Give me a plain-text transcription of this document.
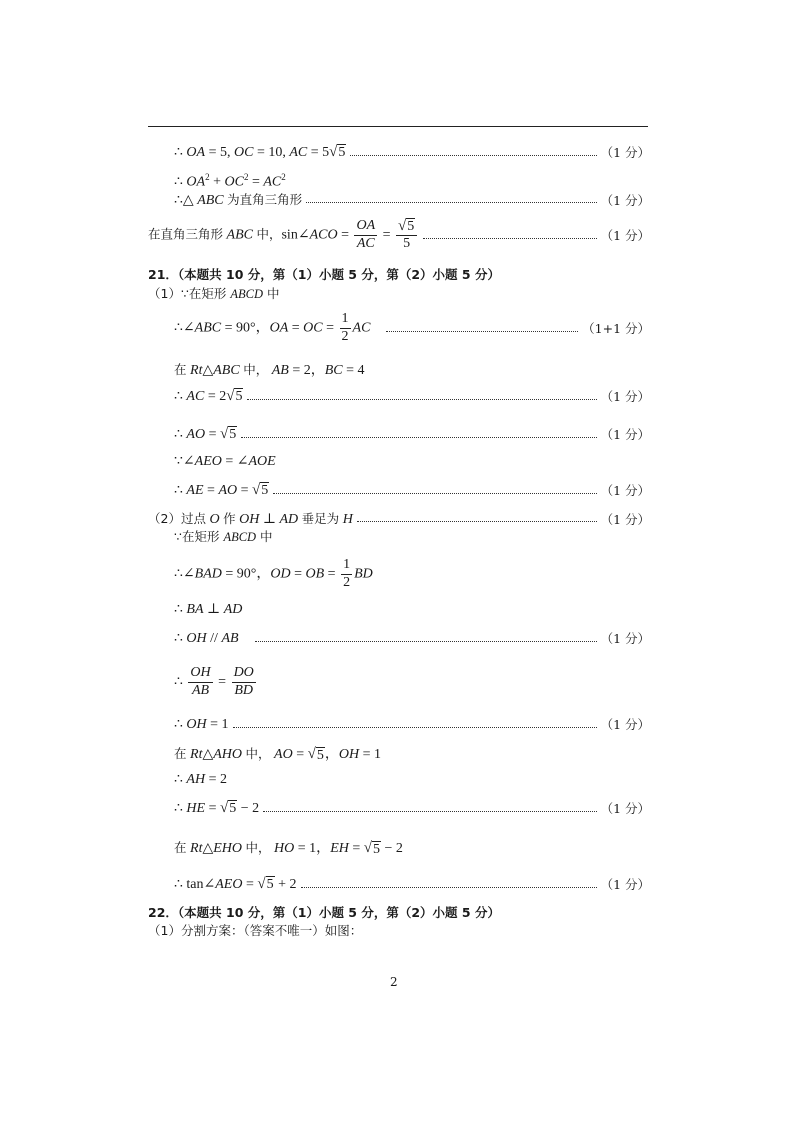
∴ OA = 5, OC = 10, AC = 5 √ 5	（1 分）
∴ $OA^2 + OC^2 = AC^2$
∴△ ABC 为直角三角形	（1 分）
在直角三角形 ABC 中，sin∠ACO = $\frac{OA}{AC} = \frac{√ 5}{5}$	（1 分）
21．（本题共 10 分，第（1）小题 5 分，第（2）小题 5 分）
（1）∵在矩形 ABCD 中
∴∠ABC = 90°，OA = OC = $\frac{1}{2}$ AC	（1+1 分）
在 Rt△ABC 中， AB = 2，BC = 4
∴ AC = 2 √ 5	（1 分）
∴ AO = √ 5	（1 分）
∵∠AEO = ∠AOE
∴ AE = AO = √ 5	（1 分）
（2）过点 O 作 OH ⊥ AD 垂足为 H	（1 分）
∵在矩形 ABCD 中
∴∠BAD = 90°，OD = OB = $\frac{1}{2}$ BD
∴ BA ⊥ AD
∴ OH // AB	（1 分）
∴ $\frac{OH}{AB} = \frac{DO}{BD}$
∴ OH = 1	（1 分）
在 Rt△AHO 中， AO = √ 5 ，OH = 1
∴ AH = 2
∴ HE = √ 5 − 2	（1 分）
在 Rt△EHO 中， HO = 1，EH = √ 5 − 2
∴ tan∠AEO = √ 5 + 2	（1 分）
22．（本题共 10 分，第（1）小题 5 分，第（2）小题 5 分）
（1）分割方案：（答案不唯一）如图：
2
